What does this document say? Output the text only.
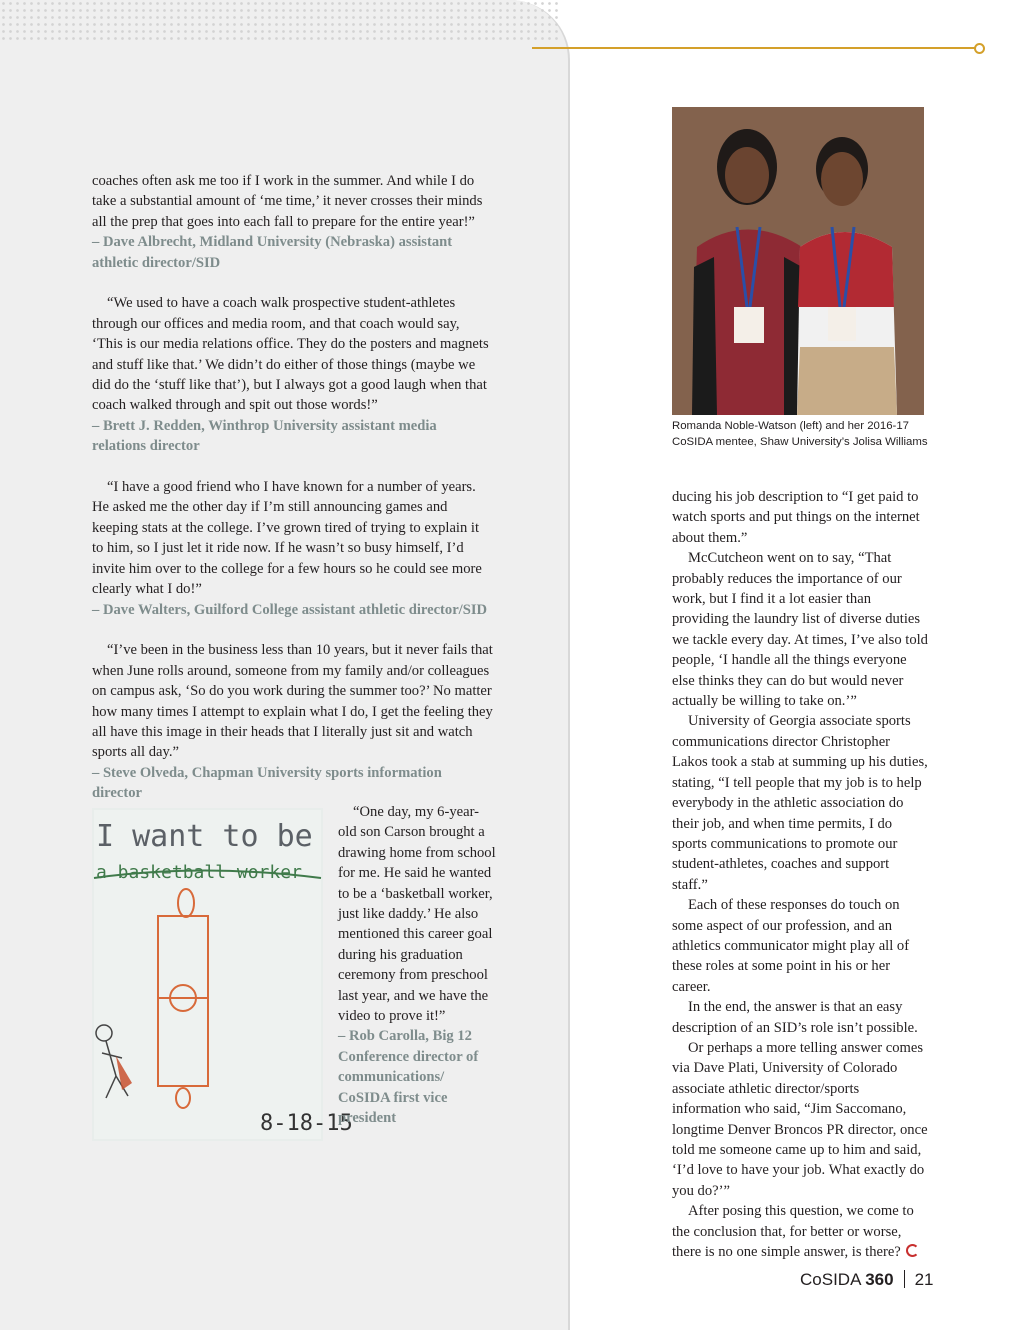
coaches often ask me too if I work in the summer. And while I do take a substantial amount of ‘me time,’ it never crosses their minds all the prep that goes into each fall to prepare for the entire year!”

– Dave Albrecht, Midland University (Nebraska) assistant athletic director/SID

“We used to have a coach walk prospective student-athletes through our offices and media room, and that coach would say, ‘This is our media relations office. They do the posters and magnets and stuff like that.’ We didn’t do either of those things (maybe we did do the ‘stuff like that’), but I always got a good laugh when that coach walked through and spit out those words!”

– Brett J. Redden, Winthrop University assistant media relations director

“I have a good friend who I have known for a number of years. He asked me the other day if I’m still announcing games and keeping stats at the college. I’ve grown tired of trying to explain it to him, so I just let it ride now. If he wasn’t so busy himself, I’d invite him over to the college for a few hours so he could see more clearly what I do!”

– Dave Walters, Guilford College assistant athletic director/SID

“I’ve been in the business less than 10 years, but it never fails that when June rolls around, someone from my family and/or colleagues on campus ask, ‘So do you work during the summer too?’ No matter how many times I attempt to explain what I do, I get the feeling they all have this image in their heads that I literally just sit and watch sports all day.”

– Steve Olveda, Chapman University sports information director

I want to be
a basketball worker
8-18-15

“One day, my 6-year-old son Carson brought a drawing home from school for me. He said he wanted to be a ‘basketball worker, just like daddy.’ He also mentioned this career goal during his graduation ceremony from preschool last year, and we have the video to prove it!”

– Rob Carolla, Big 12 Conference director of communications/ CoSIDA first vice president

Romanda Noble-Watson (left) and her 2016-17 CoSIDA mentee, Shaw University’s Jolisa Williams

ducing his job description to “I get paid to watch sports and put things on the internet about them.”

McCutcheon went on to say, “That probably reduces the importance of our work, but I find it a lot easier than providing the laundry list of diverse duties we tackle every day. At times, I’ve also told people, ‘I handle all the things everyone else thinks they can do but would never actually be willing to take on.’”

University of Georgia associate sports communications director Christopher Lakos took a stab at summing up his duties, stating, “I tell people that my job is to help everybody in the athletic association do their job, and when time permits, I do sports communications to promote our student-athletes, coaches and support staff.”

Each of these responses do touch on some aspect of our profession, and an athletics communicator might play all of these roles at some point in his or her career.

In the end, the answer is that an easy description of an SID’s role isn’t possible.

Or perhaps a more telling answer comes via Dave Plati, University of Colorado associate athletic director/sports information who said, “Jim Saccomano, longtime Denver Broncos PR director, once told me someone came up to him and said, ‘I’d love to have your job. What exactly do you do?’”

After posing this question, we come to the conclusion that, for better or worse, there is no one simple answer, is there?

CoSIDA 360 21
